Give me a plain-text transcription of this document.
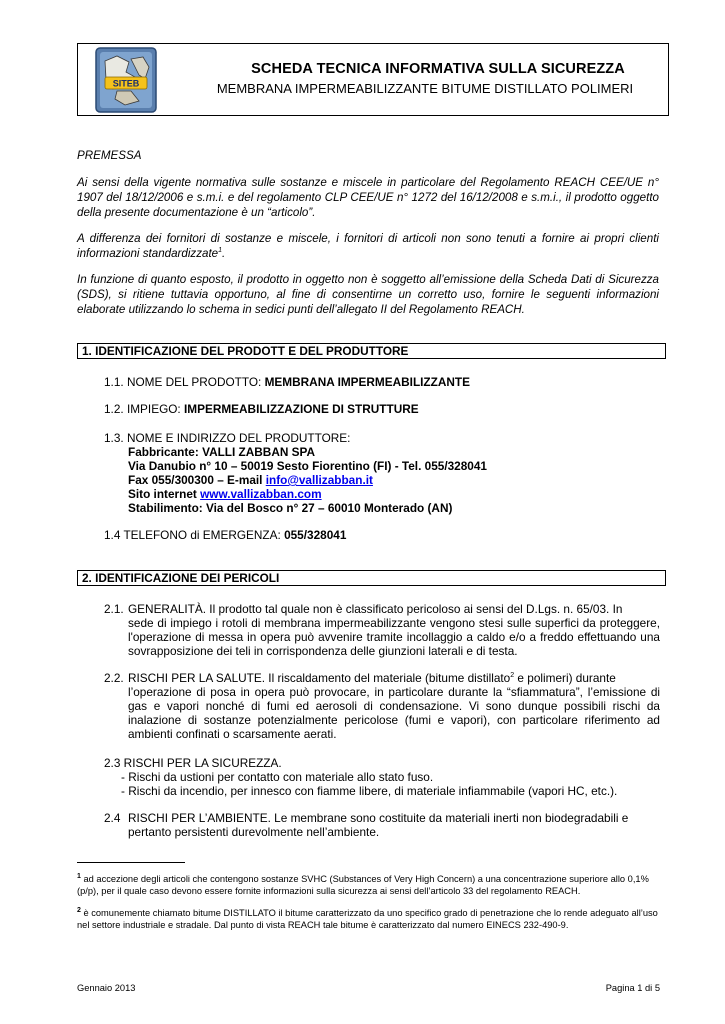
SITEB
SCHEDA TECNICA INFORMATIVA SULLA SICUREZZA
MEMBRANA IMPERMEABILIZZANTE BITUME DISTILLATO POLIMERI
PREMESSA
Ai sensi della vigente normativa sulle sostanze e miscele in particolare del Regolamento REACH CEE/UE n° 1907 del 18/12/2006 e s.m.i. e del regolamento CLP CEE/UE n° 1272 del 16/12/2008 e s.m.i., il prodotto oggetto della presente documentazione è un “articolo”.
A differenza dei fornitori di sostanze e miscele, i fornitori di articoli non sono tenuti a fornire ai propri clienti informazioni standardizzate$^1$.
In funzione di quanto esposto, il prodotto in oggetto non è soggetto all’emissione della Scheda Dati di Sicurezza (SDS), si ritiene tuttavia opportuno, al fine di consentirne un corretto uso, fornire le seguenti informazioni elaborate utilizzando lo schema in sedici punti dell’allegato II del Regolamento REACH.
1. IDENTIFICAZIONE DEL PRODOTT E DEL PRODUTTORE
1.1. NOME DEL PRODOTTO: MEMBRANA IMPERMEABILIZZANTE
1.2. IMPIEGO: IMPERMEABILIZZAZIONE DI STRUTTURE
1.3. NOME E INDIRIZZO DEL PRODUTTORE:
Fabbricante: VALLI ZABBAN SPA
Via Danubio n° 10 – 50019 Sesto Fiorentino (FI) - Tel. 055/328041
Fax 055/300300 – E-mail info@vallizabban.it
Sito internet www.vallizabban.com
Stabilimento: Via del Bosco n° 27 – 60010 Monterado (AN)
1.4 TELEFONO di EMERGENZA: 055/328041
2. IDENTIFICAZIONE DEI PERICOLI
2.1. GENERALITÀ. Il prodotto tal quale non è classificato pericoloso ai sensi del D.Lgs. n. 65/03. In
sede di impiego i rotoli di membrana impermeabilizzante vengono stesi sulle superfici da proteggere, l'operazione di messa in opera può avvenire tramite incollaggio a caldo e/o a freddo effettuando una sovrapposizione dei teli in corrispondenza delle giunzioni laterali e di testa.
2.2. RISCHI PER LA SALUTE. Il riscaldamento del materiale (bitume distillato$^2$ e polimeri) durante
l’operazione di posa in opera può provocare, in particolare durante la “sfiammatura”, l’emissione di gas e vapori nonché di fumi ed aerosoli di condensazione. Vi sono dunque possibili rischi da inalazione di sostanze potenzialmente pericolose (fumi e vapori), con particolare riferimento ad ambienti confinati o scarsamente aerati.
2.3 RISCHI PER LA SICUREZZA.
- Rischi da ustioni per contatto con materiale allo stato fuso.
- Rischi da incendio, per innesco con fiamme libere, di materiale infiammabile (vapori HC, etc.).
2.4 RISCHI PER L’AMBIENTE. Le membrane sono costituite da materiali inerti non biodegradabili e
pertanto persistenti durevolmente nell’ambiente.
$^1$ ad accezione degli articoli che contengono sostanze SVHC (Substances of Very High Concern) a una concentrazione superiore allo 0,1% (p/p), per il quale caso devono essere fornite informazioni sulla sicurezza ai sensi dell’articolo 33 del regolamento REACH.
$^2$ è comunemente chiamato bitume DISTILLATO il bitume caratterizzato da uno specifico grado di penetrazione che lo rende adeguato all’uso nel settore industriale e stradale. Dal punto di vista REACH tale bitume è caratterizzato dal numero EINECS 232-490-9.
Gennaio 2013	Pagina 1 di 5
